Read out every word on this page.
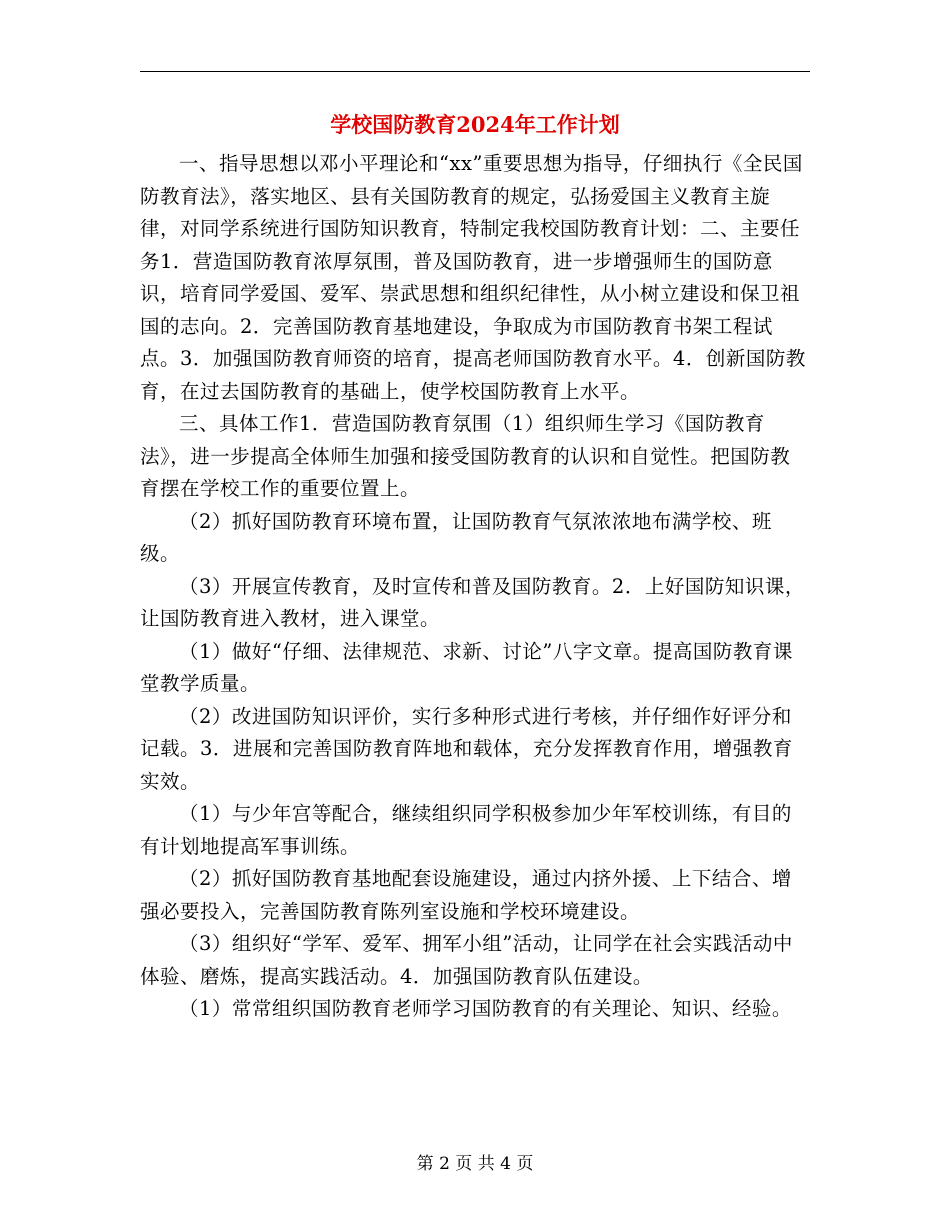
学校国防教育2024年工作计划

一、指导思想以邓小平理论和“xx”重要思想为指导，仔细执行《全民国防教育法》，落实地区、县有关国防教育的规定，弘扬爱国主义教育主旋律，对同学系统进行国防知识教育，特制定我校国防教育计划：二、主要任务1．营造国防教育浓厚氛围，普及国防教育，进一步增强师生的国防意识，培育同学爱国、爱军、崇武思想和组织纪律性，从小树立建设和保卫祖国的志向。2．完善国防教育基地建设，争取成为市国防教育书架工程试点。3．加强国防教育师资的培育，提高老师国防教育水平。4．创新国防教育，在过去国防教育的基础上，使学校国防教育上水平。

三、具体工作1．营造国防教育氛围（1）组织师生学习《国防教育法》，进一步提高全体师生加强和接受国防教育的认识和自觉性。把国防教育摆在学校工作的重要位置上。

（2）抓好国防教育环境布置，让国防教育气氛浓浓地布满学校、班级。

（3）开展宣传教育，及时宣传和普及国防教育。2．上好国防知识课，让国防教育进入教材，进入课堂。

（1）做好“仔细、法律规范、求新、讨论”八字文章。提高国防教育课堂教学质量。

（2）改进国防知识评价，实行多种形式进行考核，并仔细作好评分和记载。3．进展和完善国防教育阵地和载体，充分发挥教育作用，增强教育实效。

（1）与少年宫等配合，继续组织同学积极参加少年军校训练，有目的有计划地提高军事训练。

（2）抓好国防教育基地配套设施建设，通过内挤外援、上下结合、增强必要投入，完善国防教育陈列室设施和学校环境建设。

（3）组织好“学军、爱军、拥军小组”活动，让同学在社会实践活动中体验、磨炼，提高实践活动。4．加强国防教育队伍建设。

（1）常常组织国防教育老师学习国防教育的有关理论、知识、经验。

第 2 页 共 4 页
